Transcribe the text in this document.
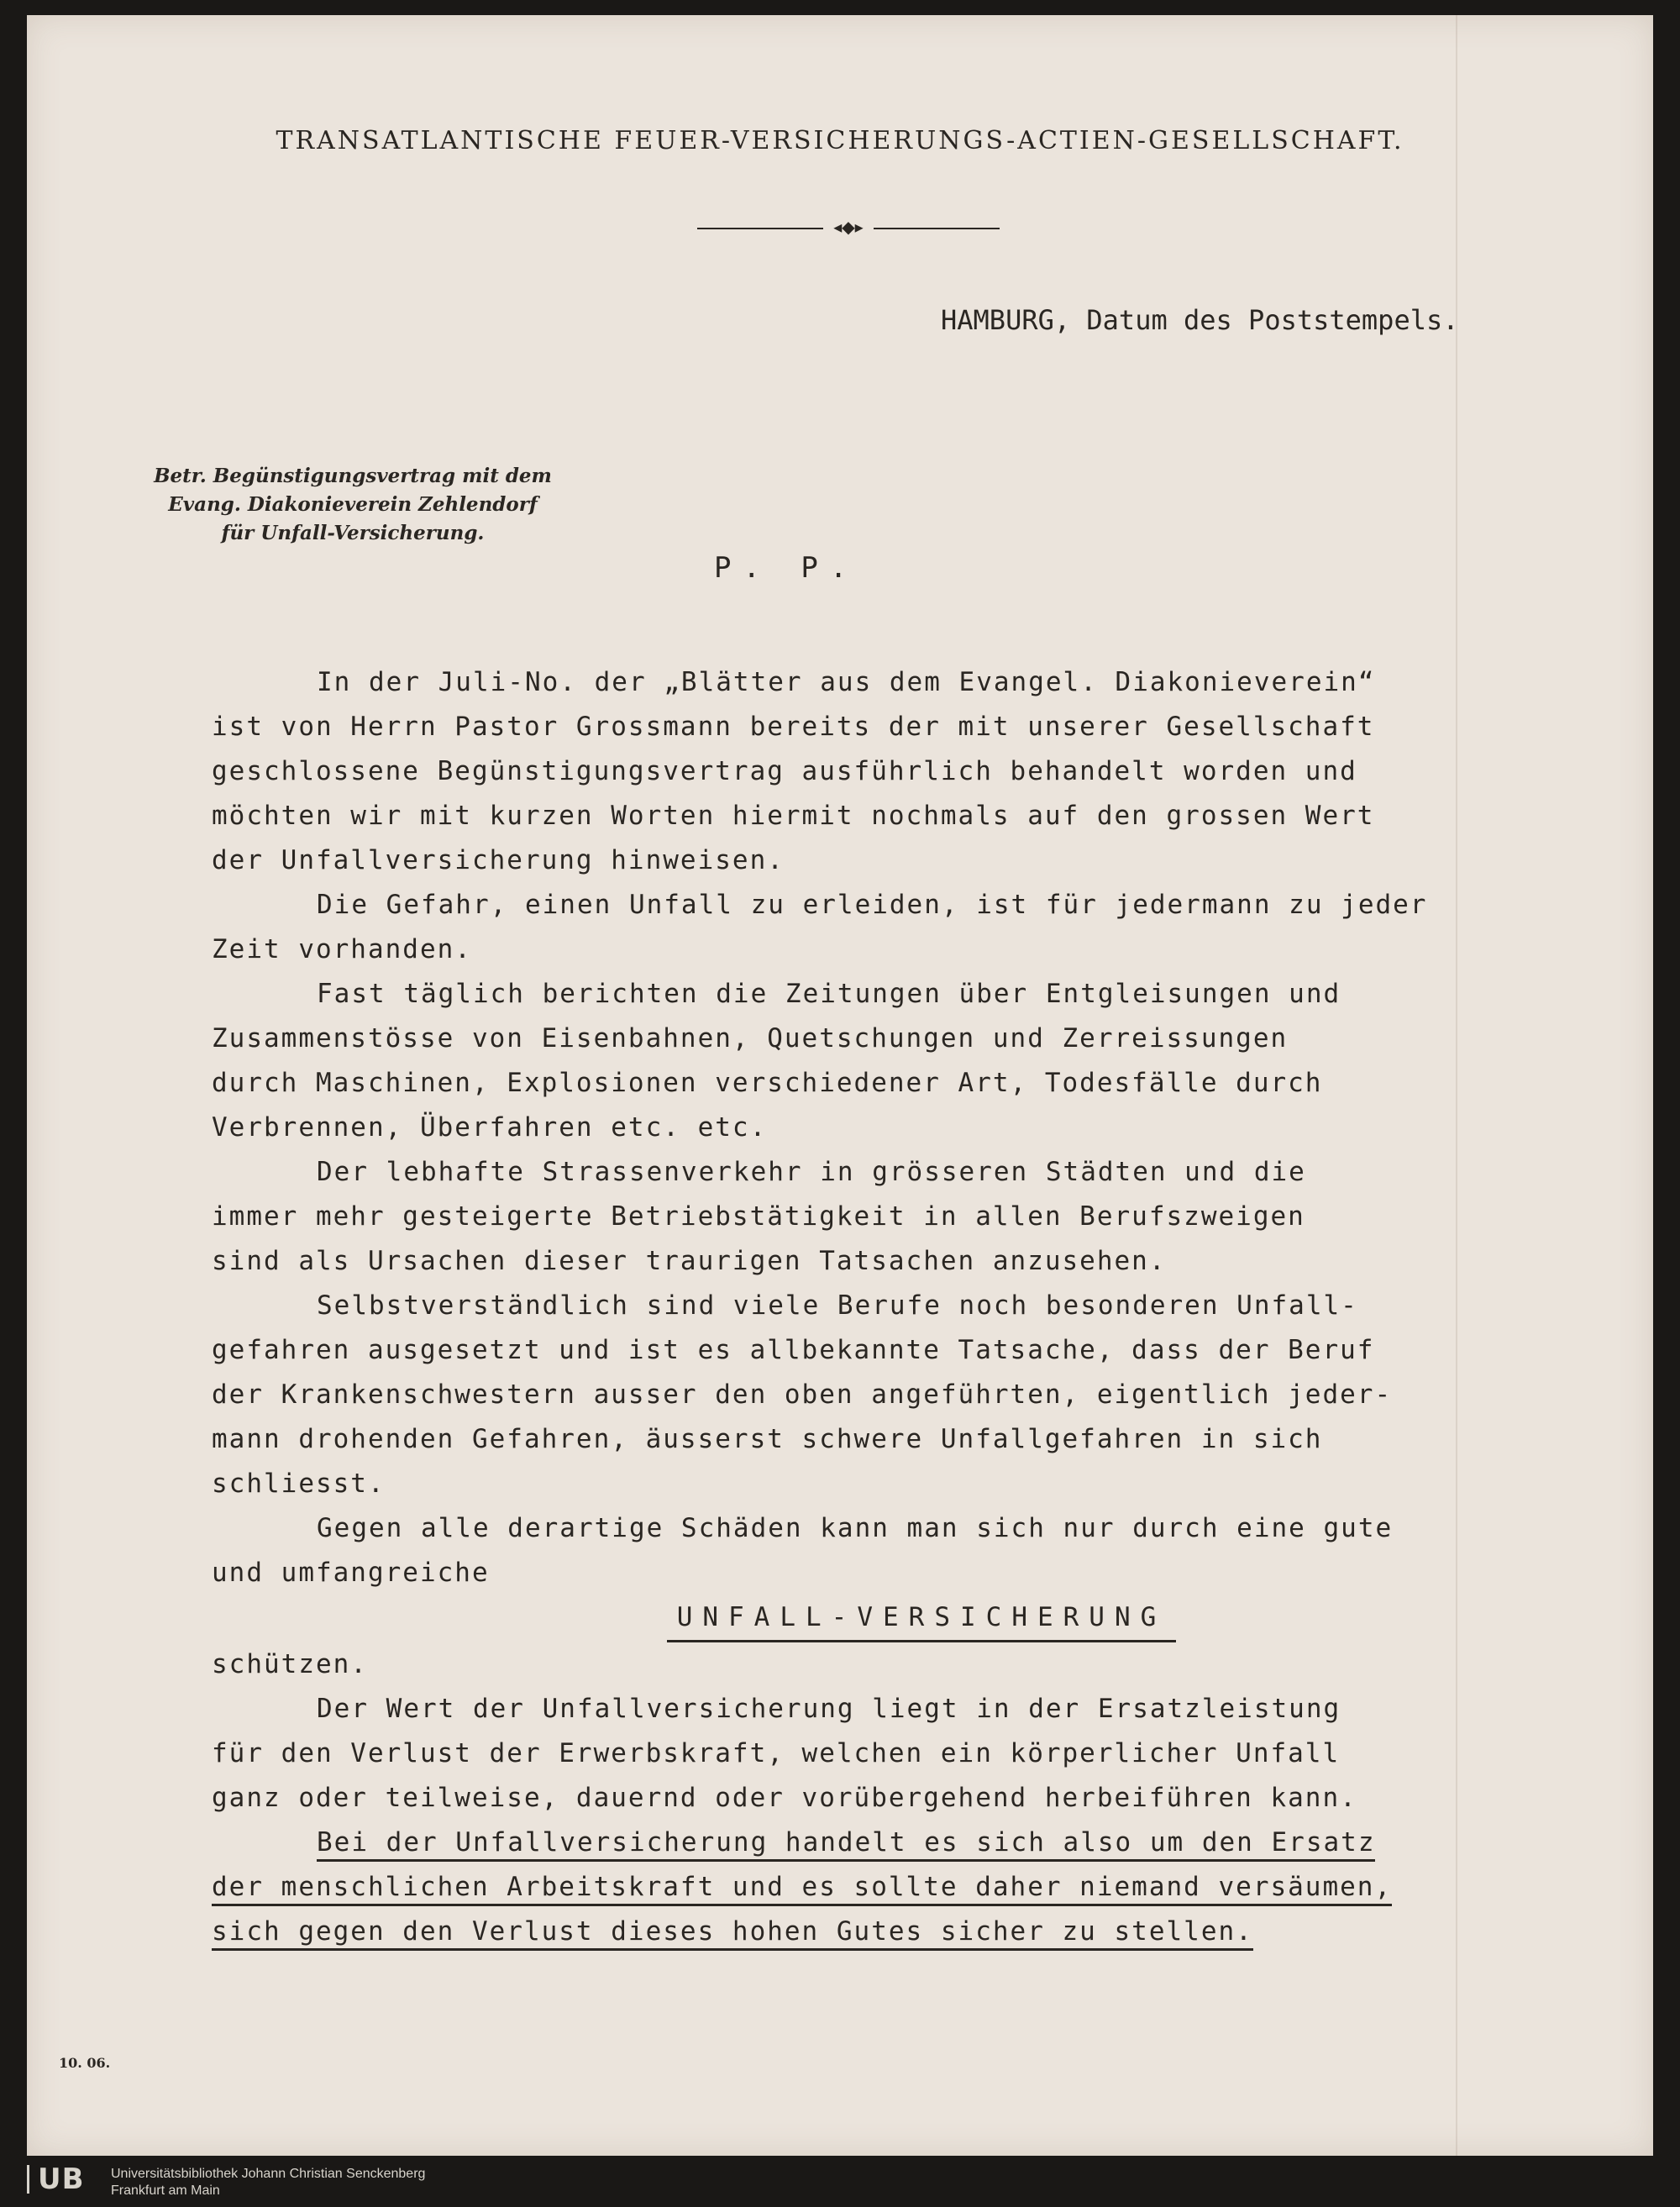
TRANSATLANTISCHE FEUER-VERSICHERUNGS-ACTIEN-GESELLSCHAFT.
◂◆▸
HAMBURG, Datum des Poststempels.
Betr. Begünstigungsvertrag mit dem
Evang. Diakonieverein Zehlendorf
für Unfall-Versicherung.
P. P.

In der Juli-No. der „Blätter aus dem Evangel. Diakonieverein“

ist von Herrn Pastor Grossmann bereits der mit unserer Gesellschaft

geschlossene Begünstigungsvertrag ausführlich behandelt worden und

möchten wir mit kurzen Worten hiermit nochmals auf den grossen Wert

der Unfallversicherung hinweisen.

Die Gefahr, einen Unfall zu erleiden, ist für jedermann zu jeder

Zeit vorhanden.

Fast täglich berichten die Zeitungen über Entgleisungen und

Zusammenstösse von Eisenbahnen, Quetschungen und Zerreissungen

durch Maschinen, Explosionen verschiedener Art, Todesfälle durch

Verbrennen, Überfahren etc. etc.

Der lebhafte Strassenverkehr in grösseren Städten und die

immer mehr gesteigerte Betriebstätigkeit in allen Berufszweigen

sind als Ursachen dieser traurigen Tatsachen anzusehen.

Selbstverständlich sind viele Berufe noch besonderen Unfall-

gefahren ausgesetzt und ist es allbekannte Tatsache, dass der Beruf

der Krankenschwestern ausser den oben angeführten, eigentlich jeder-

mann drohenden Gefahren, äusserst schwere Unfallgefahren in sich

schliesst.

Gegen alle derartige Schäden kann man sich nur durch eine gute

und umfangreiche

UNFALL-VERSICHERUNG

schützen.

Der Wert der Unfallversicherung liegt in der Ersatzleistung

für den Verlust der Erwerbskraft, welchen ein körperlicher Unfall

ganz oder teilweise, dauernd oder vorübergehend herbeiführen kann.

Bei der Unfallversicherung handelt es sich also um den Ersatz

der menschlichen Arbeitskraft und es sollte daher niemand versäumen,

sich gegen den Verlust dieses hohen Gutes sicher zu stellen.

10. 06.
UB Universitätsbibliothek Johann Christian Senckenberg
Frankfurt am Main
